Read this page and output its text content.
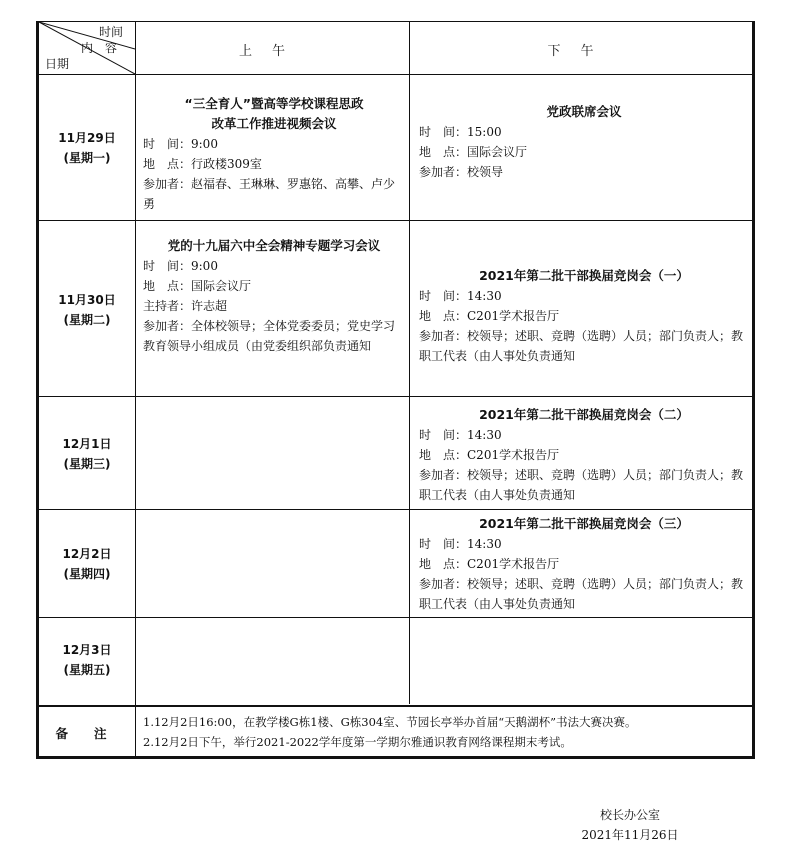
时间
内　容
日期
上午	下午
11月29日
(星期一)
“三全育人”暨高等学校课程思政
改革工作推进视频会议
时　间：9:00
地　点：行政楼309室
参加者：赵福春、王琳琳、罗惠铭、高攀、卢少勇
党政联席会议
时　间：15:00
地　点：国际会议厅
参加者：校领导
11月30日
(星期二)
党的十九届六中全会精神专题学习会议
时　间：9:00
地　点：国际会议厅
主持者：许志超
参加者：全体校领导；全体党委委员；党史学习教育领导小组成员（由党委组织部负责通知
2021年第二批干部换届竞岗会（一）
时　间：14:30
地　点：C201学术报告厅
参加者：校领导；述职、竞聘（选聘）人员；部门负责人；教职工代表（由人事处负责通知
12月1日
(星期三)
2021年第二批干部换届竞岗会（二）
时　间：14:30
地　点：C201学术报告厅
参加者：校领导；述职、竞聘（选聘）人员；部门负责人；教职工代表（由人事处负责通知
12月2日
(星期四)
2021年第二批干部换届竞岗会（三）
时　间：14:30
地　点：C201学术报告厅
参加者：校领导；述职、竞聘（选聘）人员；部门负责人；教职工代表（由人事处负责通知
12月3日
(星期五)
备注
1.12月2日16:00，在教学楼G栋1楼、G栋304室、节园长亭举办首届“天鹅湖杯”书法大赛决赛。
2.12月2日下午，举行2021-2022学年度第一学期尔雅通识教育网络课程期末考试。
校长办公室
2021年11月26日
